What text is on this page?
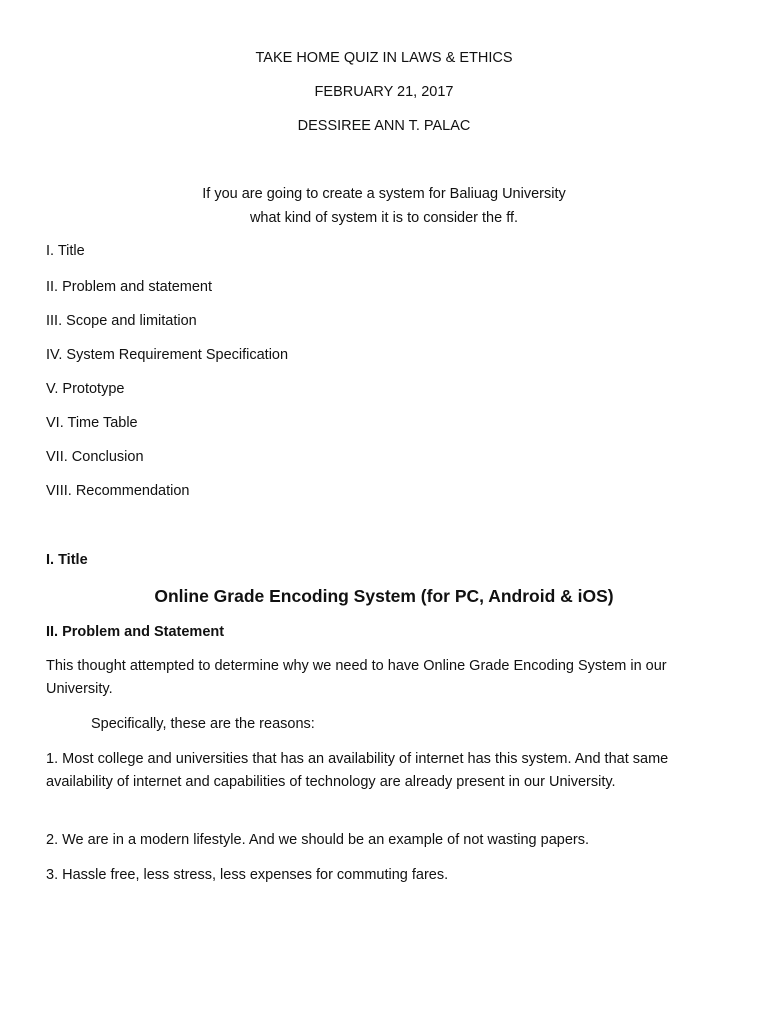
TAKE HOME QUIZ IN LAWS & ETHICS

FEBRUARY 21, 2017

DESSIREE ANN T. PALAC

If you are going to create a system for Baliuag University

what kind of system it is to consider the ff.

I. Title

II. Problem and statement

III. Scope and limitation

IV. System Requirement Specification

V. Prototype

VI. Time Table

VII. Conclusion

VIII. Recommendation

I. Title

Online Grade Encoding System (for PC, Android & iOS)

II. Problem and Statement

This thought attempted to determine why we need to have Online Grade Encoding System in our University.

Specifically, these are the reasons:

1. Most college and universities that has an availability of internet has this system. And that same availability of internet and capabilities of technology are already present in our University.

2. We are in a modern lifestyle. And we should be an example of not wasting papers.

3. Hassle free, less stress, less expenses for commuting fares.
